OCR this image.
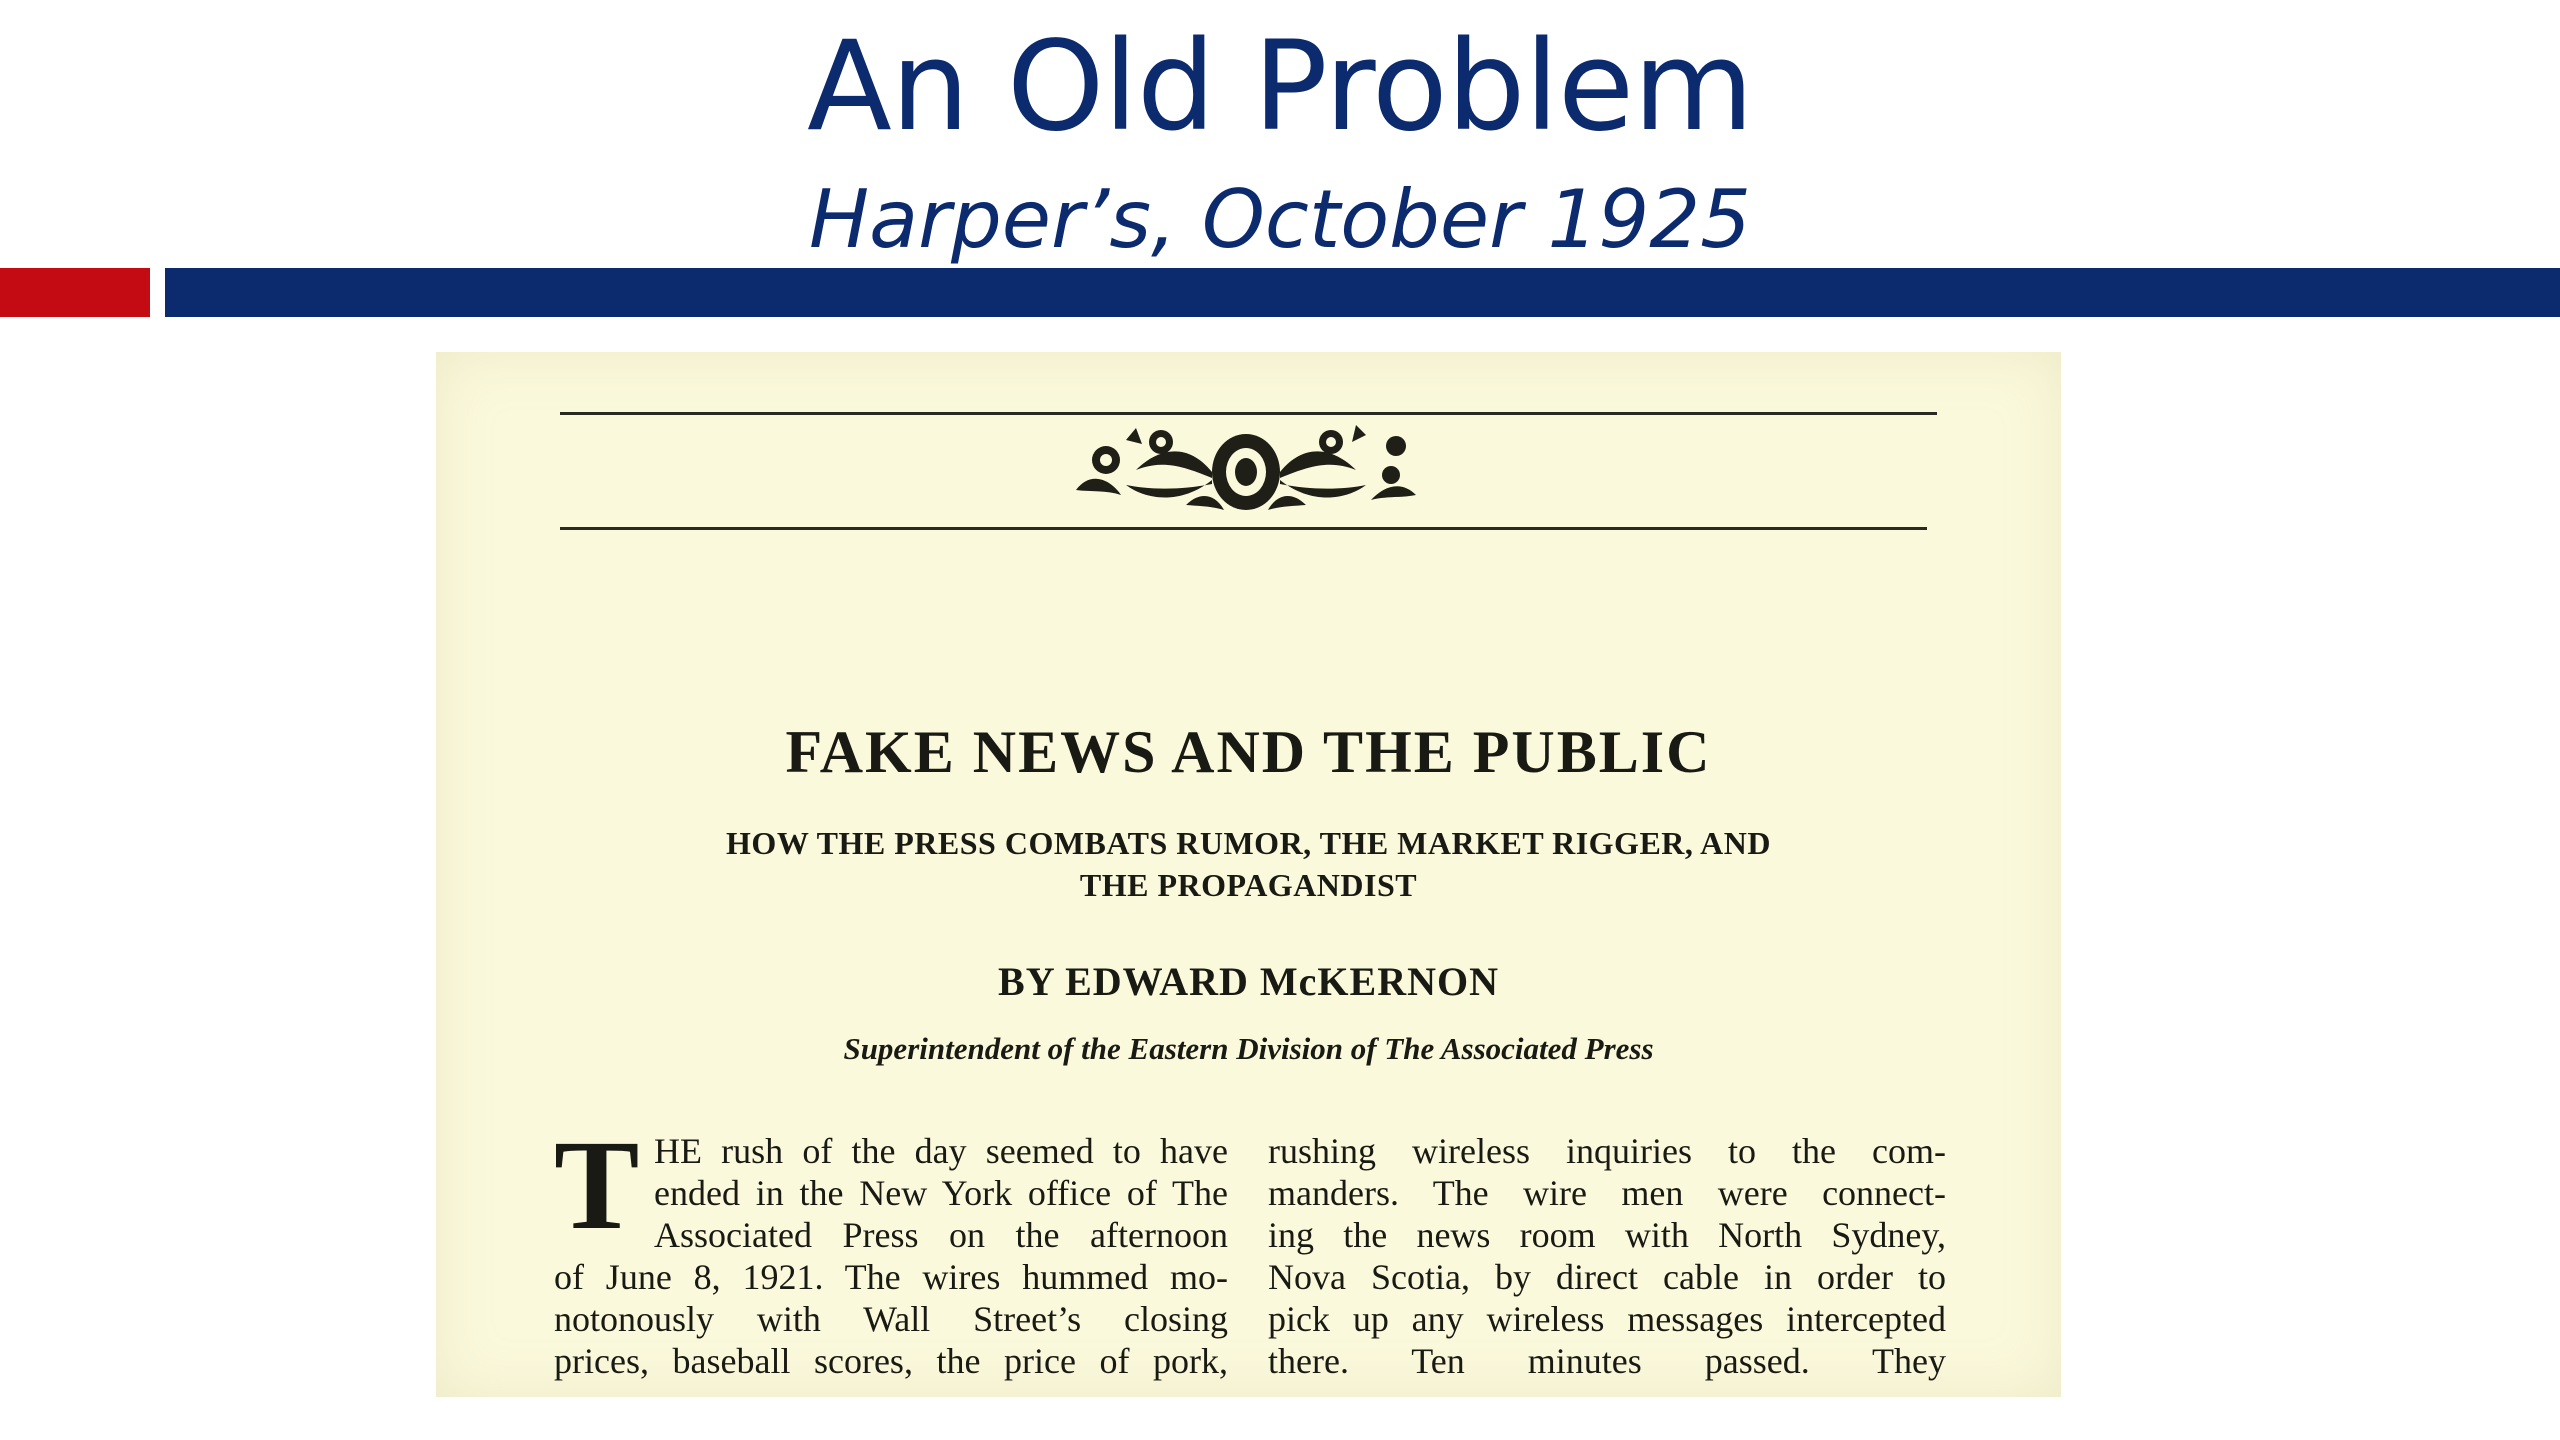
An Old Problem
Harper’s, October 1925
FAKE NEWS AND THE PUBLIC
HOW THE PRESS COMBATS RUMOR, THE MARKET RIGGER, AND
THE PROPAGANDIST
BY EDWARD McKERNON
Superintendent of the Eastern Division of The Associated Press
T HE rush of the day seemed to have
ended in the New York office of The
Associated Press on the afternoon
of June 8, 1921. The wires hummed mo-
notonously with Wall Street’s closing
prices, baseball scores, the price of pork,
rushing wireless inquiries to the com-
manders. The wire men were connect-
ing the news room with North Sydney,
Nova Scotia, by direct cable in order to
pick up any wireless messages intercepted
there. Ten minutes passed. They
